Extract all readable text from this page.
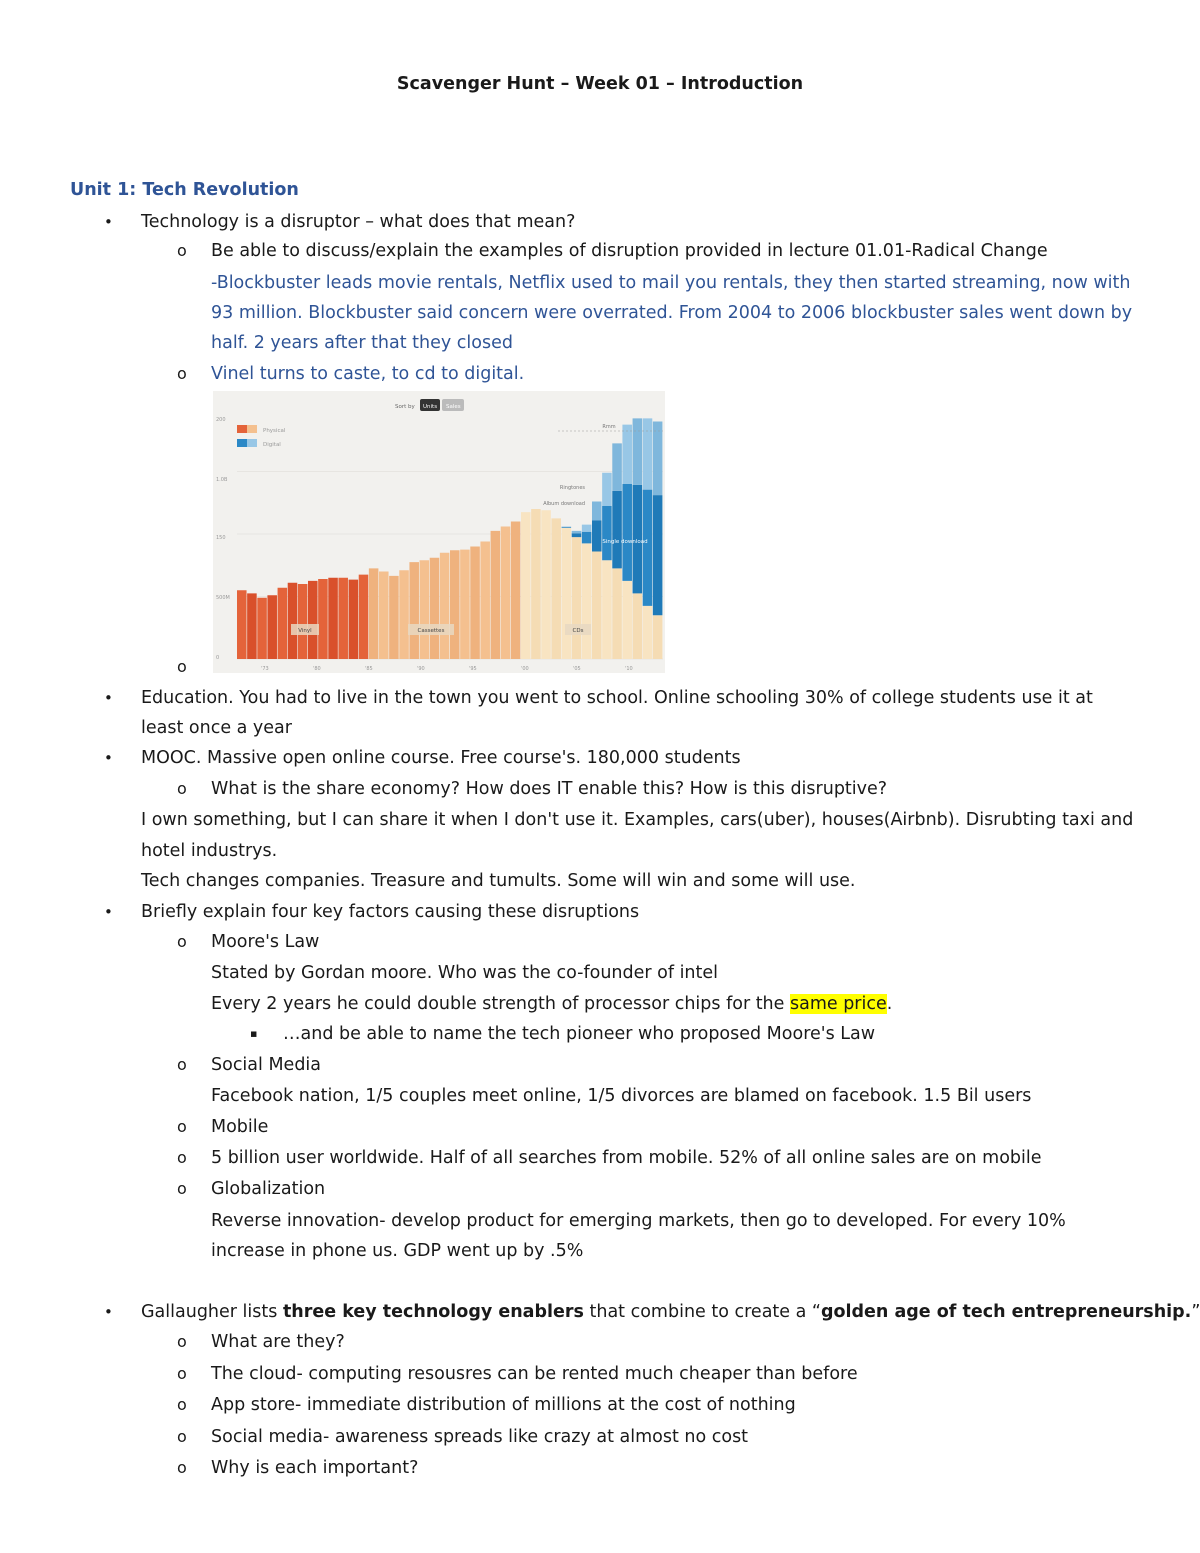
Scavenger Hunt – Week 01 – Introduction
Unit 1: Tech Revolution
• Technology is a disruptor – what does that mean?
o Be able to discuss/explain the examples of disruption provided in lecture 01.01-Radical Change
-Blockbuster leads movie rentals, Netflix used to mail you rentals, they then started streaming, now with
93 million. Blockbuster said concern were overrated. From 2004 to 2006 blockbuster sales went down by
half. 2 years after that they closed
o Vinel turns to caste, to cd to digital.
Physical
Digital
Sort by Units Sales
200
1.0B
150
500M
0
'73	'80	'85	'90	'95	'00	'05	'10
Vinyl	Cassettes	CDs
Single download
Ringtones
Album download
Rmm
o
• Education. You had to live in the town you went to school. Online schooling 30% of college students use it at
least once a year
• MOOC. Massive open online course. Free course's. 180,000 students
o What is the share economy? How does IT enable this? How is this disruptive?
I own something, but I can share it when I don't use it. Examples, cars(uber), houses(Airbnb). Disrubting taxi and
hotel industrys.
Tech changes companies. Treasure and tumults. Some will win and some will use.
• Briefly explain four key factors causing these disruptions
o Moore's Law
Stated by Gordan moore. Who was the co-founder of intel
Every 2 years he could double strength of processor chips for the same price.
▪ …and be able to name the tech pioneer who proposed Moore's Law
o Social Media
Facebook nation, 1/5 couples meet online, 1/5 divorces are blamed on facebook. 1.5 Bil users
o Mobile
o 5 billion user worldwide. Half of all searches from mobile. 52% of all online sales are on mobile
o Globalization
Reverse innovation- develop product for emerging markets, then go to developed. For every 10%
increase in phone us. GDP went up by .5%
• Gallaugher lists three key technology enablers that combine to create a “golden age of tech entrepreneurship.”
o What are they?
o The cloud- computing resousres can be rented much cheaper than before
o App store- immediate distribution of millions at the cost of nothing
o Social media- awareness spreads like crazy at almost no cost
o Why is each important?
